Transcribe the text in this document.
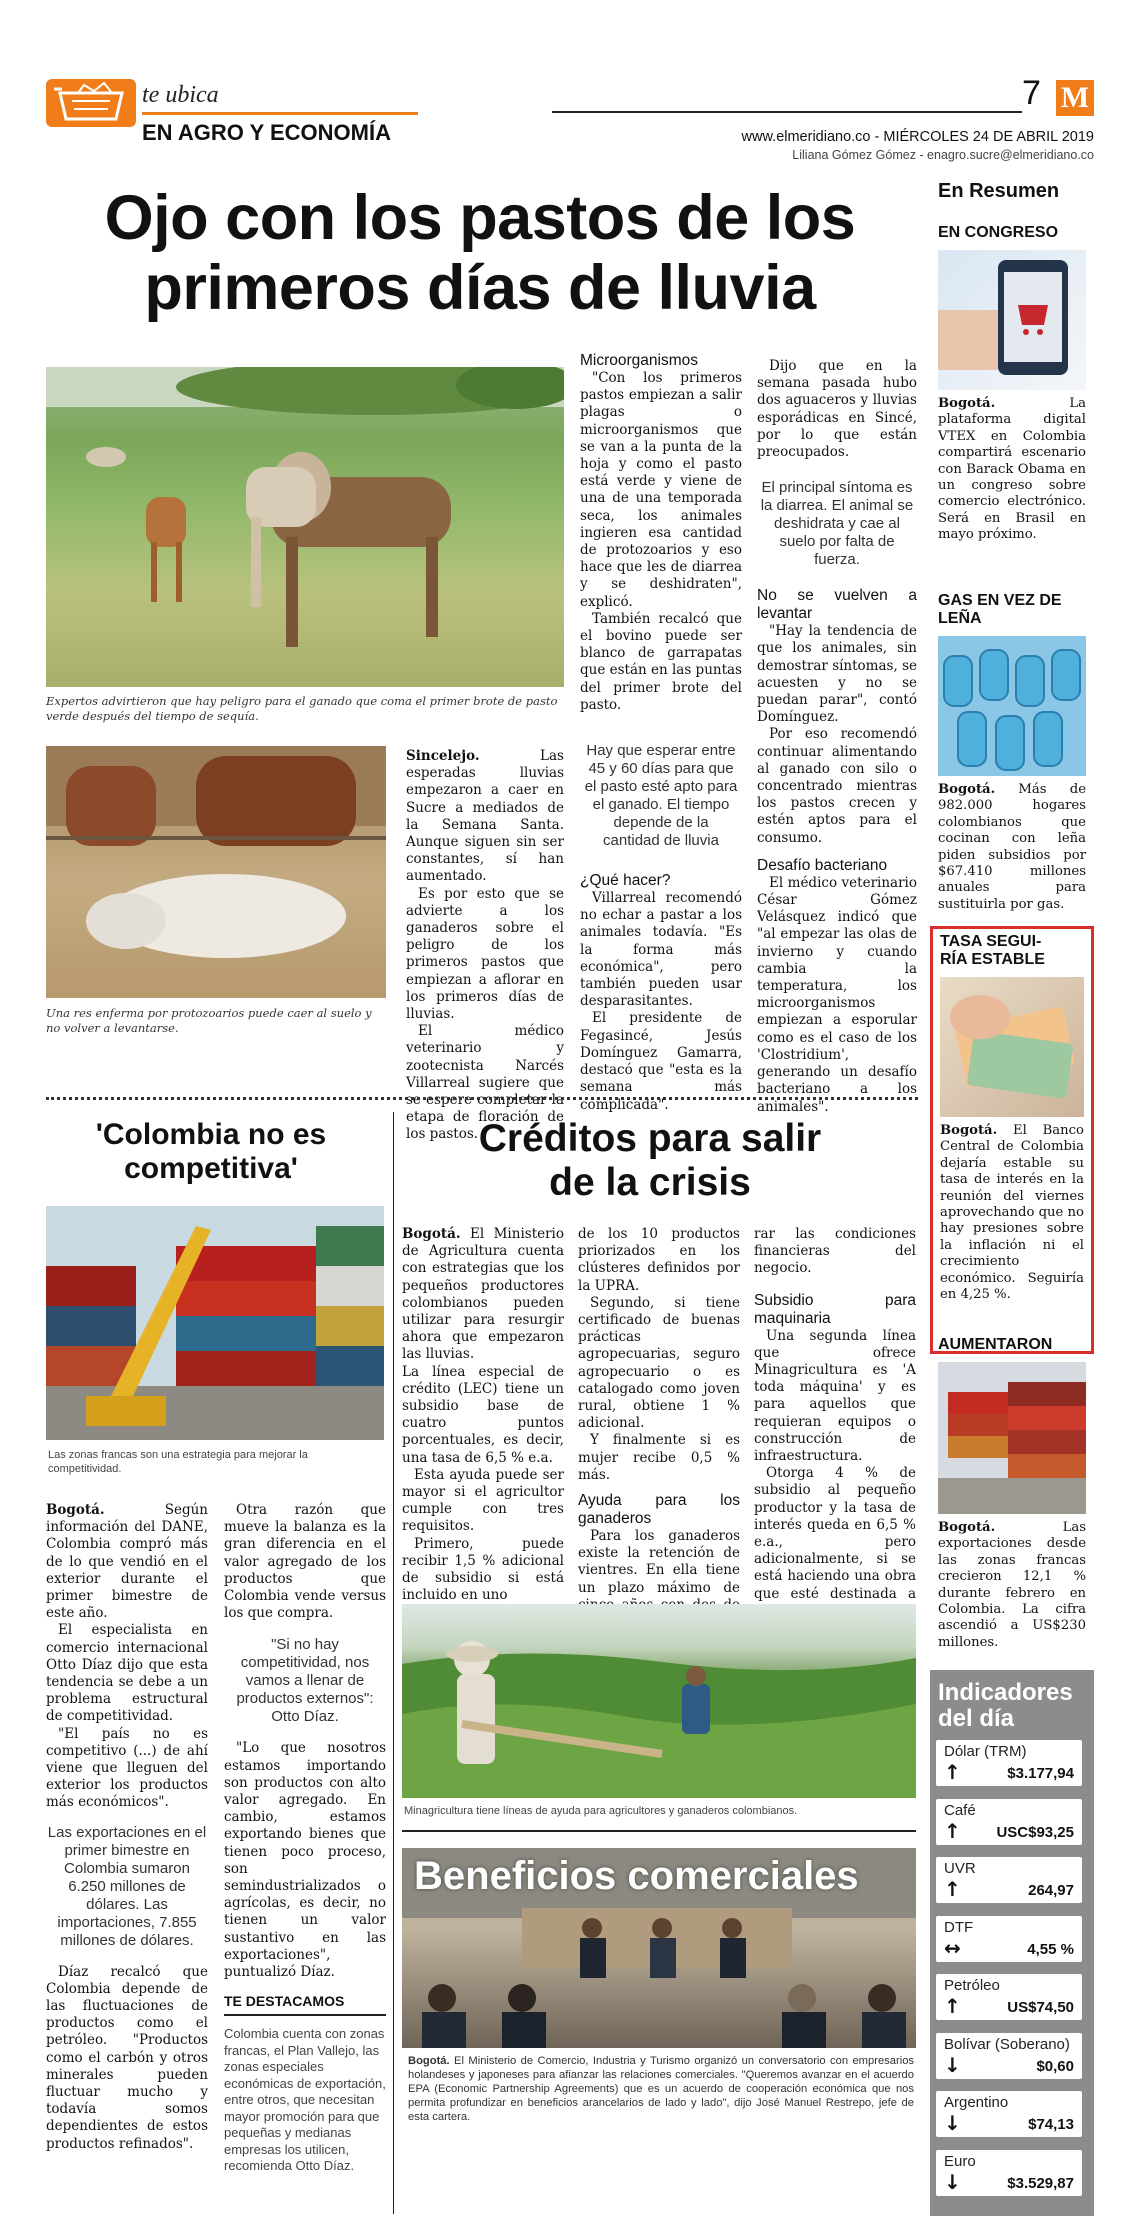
te ubica
EN AGRO Y ECONOMÍA
7 M
www.elmeridiano.co - MIÉRCOLES 24 DE ABRIL 2019
Liliana Gómez Gómez - enagro.sucre@elmeridiano.co
Ojo con los pastos de los primeros días de lluvia
Expertos advirtieron que hay peligro para el ganado que coma el primer brote de pasto verde después del tiempo de sequía.
Una res enferma por protozoarios puede caer al suelo y no volver a levantarse.

Sincelejo.	Las esperadas lluvias empezaron a caer en Sucre a mediados de la Semana Santa. Aunque siguen sin ser constantes, sí han aumentado.

Es por esto que se advierte a los ganaderos sobre el peligro de los primeros pastos que empiezan a aflorar en los primeros días de lluvias.

El médico veterinario y zootecnista Narcés Villarreal sugiere que se espere completar la etapa de floración de los pastos.

Microorganismos

"Con los primeros pastos empiezan a salir plagas o microorganismos que se van a la punta de la hoja y como el pasto está verde y viene de una de una temporada seca, los animales ingieren esa cantidad de protozoarios y eso hace que les de diarrea y se deshidraten", explicó.

También recalcó que el bovino puede ser blanco de garrapatas que están en las puntas del primer brote del pasto.

Hay que esperar entre 45 y 60 días para que el pasto esté apto para el ganado. El tiempo depende de la cantidad de lluvia
¿Qué hacer?

Villarreal recomendó no echar a pastar a los animales todavía. "Es la forma más económica", pero también pueden usar desparasitantes.

El presidente de Fegasincé, Jesús Domínguez Gamarra, destacó que "esta es la semana más complicada".

Dijo que en la semana pasada hubo dos aguaceros y lluvias esporádicas en Sincé, por lo que están preocupados.

El principal síntoma es la diarrea. El animal se deshidrata y cae al suelo por falta de fuerza.
No se vuelven a levantar

"Hay la tendencia de que los animales, sin demostrar síntomas, se acuesten y no se puedan parar", contó Domínguez.

Por eso recomendó continuar alimentando al ganado con silo o concentrado mientras los pastos crecen y estén aptos para el consumo.

Desafío bacteriano

El médico veterinario César Gómez Velásquez indicó que "al empezar las olas de invierno y cuando cambia la temperatura, los microorganismos empiezan a esporular como es el caso de los 'Clostridium', generando un desafío bacteriano a los animales".

'Colombia no es competitiva'
Las zonas francas son una estrategia para mejorar la competitividad.

Bogotá.	Según información del DANE, Colombia compró más de lo que vendió en el exterior durante el primer bimestre de este año.

El especialista en comercio internacional Otto Díaz dijo que esta tendencia se debe a un problema estructural de competitividad.

"El país no es competitivo (...) de ahí viene que lleguen del exterior los productos más económicos".

Las exportaciones en el primer bimestre en Colombia sumaron 6.250 millones de dólares. Las importaciones, 7.855 millones de dólares.

Díaz recalcó que Colombia depende de las fluctuaciones de productos como el petróleo. "Productos como el carbón y otros minerales pueden fluctuar mucho y todavía somos dependientes de estos productos refinados".

Otra razón que mueve la balanza es la gran diferencia en el valor agregado de los productos que Colombia vende versus los que compra.

"Si no hay competitividad, nos vamos a llenar de productos externos": Otto Díaz.

"Lo que nosotros estamos importando son productos con alto valor agregado. En cambio, estamos exportando bienes que tienen poco proceso, son semindustrializados o agrícolas, es decir, no tienen un valor sustantivo en las exportaciones", puntualizó Díaz.

TE DESTACAMOS
Colombia cuenta con zonas francas, el Plan Vallejo, las zonas especiales económicas de exportación, entre otros, que necesitan mayor promoción para que pequeñas y medianas empresas los utilicen, recomienda Otto Díaz.
Créditos para salir de la crisis

Bogotá. El Ministerio de Agricultura cuenta con estrategias que los pequeños productores colombianos pueden utilizar para resurgir ahora que empezaron las lluvias.

La línea especial de crédito (LEC) tiene un subsidio base de cuatro puntos porcentuales, es decir, una tasa de 6,5 % e.a.

Esta ayuda puede ser mayor si el agricultor cumple con tres requisitos.

Primero, puede recibir 1,5 % adicional de subsidio si está incluido en uno

de los 10 productos priorizados en los clústeres definidos por la UPRA.

Segundo, si tiene certificado de buenas prácticas agropecuarias, seguro agropecuario o es catalogado como joven rural, obtiene 1 % adicional.

Y finalmente si es mujer recibe 0,5 % más.

Ayuda para los ganaderos

Para los ganaderos existe la retención de vientres. En ella tiene un plazo máximo de

rar las condiciones financieras del negocio.

Subsidio para maquinaria

Una segunda línea que ofrece Minagricultura es 'A toda máquina' y es para aquellos que requieran equipos o construcción de infraestructura.

Otorga 4 % de subsidio al pequeño productor y la tasa de interés queda en 6,5 % e.a., pero adicionalmente, si se está haciendo una obra que esté destinada a

Minagricultura tiene líneas de ayuda para agricultores y ganaderos colombianos.
Beneficios comerciales
Bogotá. El Ministerio de Comercio, Industria y Turismo organizó un conversatorio con empresarios holandeses y japoneses para afianzar las relaciones comerciales. "Queremos avanzar en el acuerdo EPA (Economic Partnership Agreements) que es un acuerdo de cooperación económica que nos permita profundizar en beneficios arancelarios de lado y lado", dijo José Manuel Restrepo, jefe de esta cartera.
En Resumen
EN CONGRESO
Bogotá.	La plataforma digital VTEX en Colombia compartirá escenario con Barack Obama en un congreso sobre comercio electrónico. Será en Brasil en mayo próximo.
GAS EN VEZ DE LEÑA
Bogotá. Más de 982.000 hogares colombianos que cocinan con leña piden subsidios por $67.410 millones anuales para sustituirla por gas.
TASA SEGUI-RÍA ESTABLE
Bogotá. El Banco Central de Colombia dejaría estable su tasa de interés en la reunión del viernes aprovechando que no hay presiones sobre la inflación ni el crecimiento económico. Seguiría en 4,25 %.
AUMENTARON
Bogotá.	Las exportaciones desde las zonas francas crecieron 12,1 % durante febrero en Colombia. La cifra ascendió a US$230 millones.
Indicadores del día
Dólar (TRM)
↑	$3.177,94
Café
↑ USC$93,25
UVR
↑	264,97
DTF
↔	4,55 %
Petróleo
↑	US$74,50
Bolívar (Soberano)
↓	$0,60
Argentino
↓	$74,13
Euro
↓	$3.529,87
